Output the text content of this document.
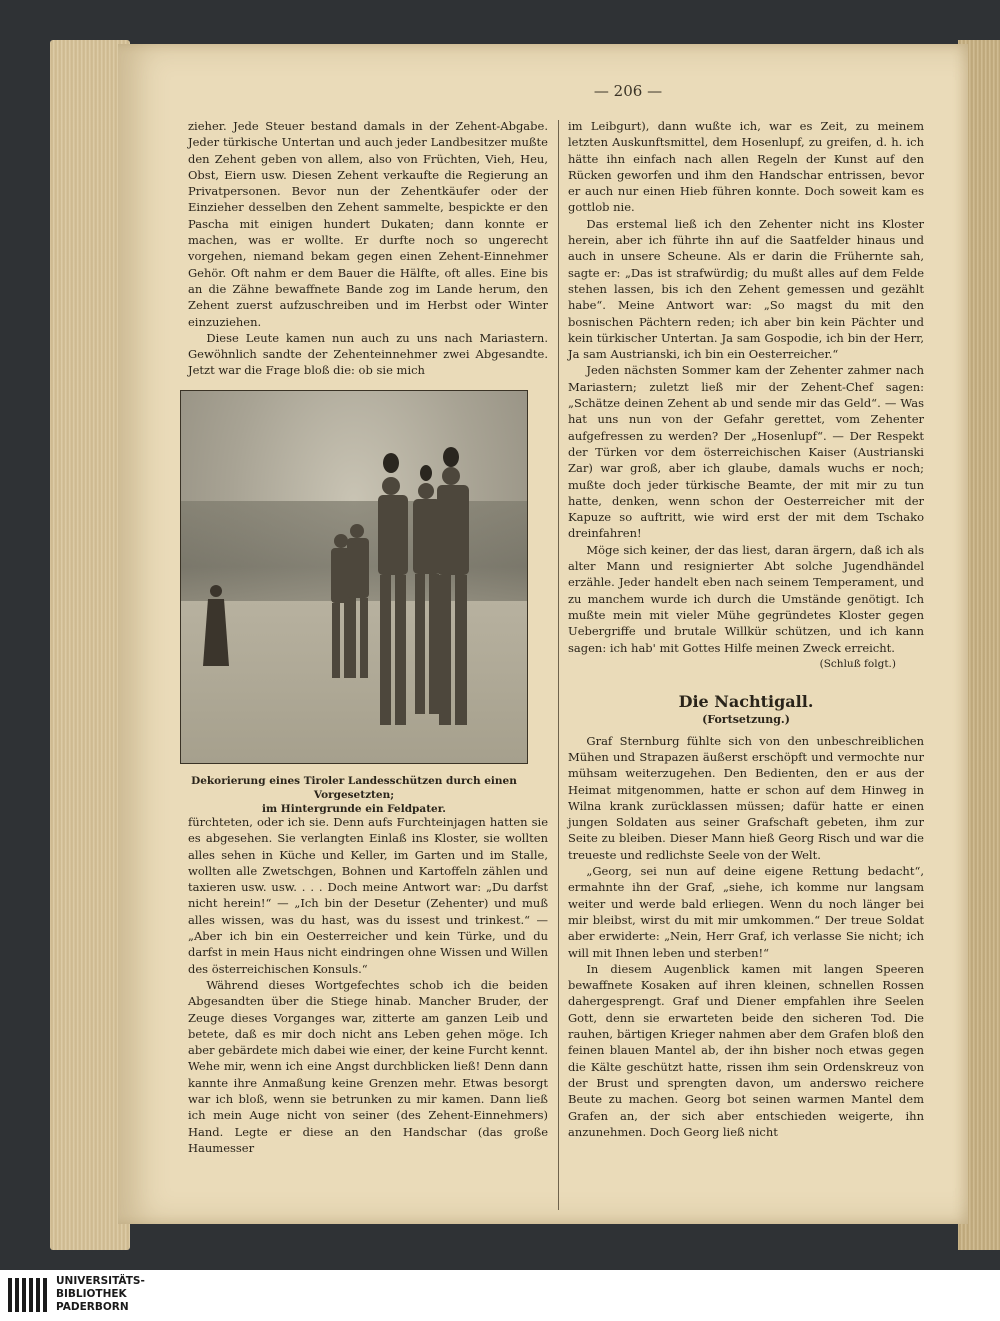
— 206 —

zieher. Jede Steuer bestand damals in der Zehent-Abgabe. Jeder türkische Untertan und auch jeder Landbesitzer mußte den Zehent geben von allem, also von Früchten, Vieh, Heu, Obst, Eiern usw. Diesen Zehent verkaufte die Regierung an Privatpersonen. Bevor nun der Zehentkäufer oder der Einzieher desselben den Zehent sammelte, bespickte er den Pascha mit einigen hundert Dukaten; dann konnte er machen, was er wollte. Er durfte noch so ungerecht vorgehen, niemand bekam gegen einen Zehent-Einnehmer Gehör. Oft nahm er dem Bauer die Hälfte, oft alles. Eine bis an die Zähne bewaffnete Bande zog im Lande herum, den Zehent zuerst aufzuschreiben und im Herbst oder Winter einzuziehen.

Diese Leute kamen nun auch zu uns nach Mariastern. Gewöhnlich sandte der Zehenteinnehmer zwei Abgesandte. Jetzt war die Frage bloß die: ob sie mich

Dekorierung eines Tiroler Landesschützen durch einen Vorgesetzten;
im Hintergrunde ein Feldpater.

fürchteten, oder ich sie. Denn aufs Furchteinjagen hatten sie es abgesehen. Sie verlangten Einlaß ins Kloster, sie wollten alles sehen in Küche und Keller, im Garten und im Stalle, wollten alle Zwetschgen, Bohnen und Kartoffeln zählen und taxieren usw. usw. . . . Doch meine Antwort war: „Du darfst nicht herein!“ — „Ich bin der Desetur (Zehenter) und muß alles wissen, was du hast, was du issest und trinkest.“ — „Aber ich bin ein Oesterreicher und kein Türke, und du darfst in mein Haus nicht eindringen ohne Wissen und Willen des österreichischen Konsuls.“

Während dieses Wortgefechtes schob ich die beiden Abgesandten über die Stiege hinab. Mancher Bruder, der Zeuge dieses Vorganges war, zitterte am ganzen Leib und betete, daß es mir doch nicht ans Leben gehen möge. Ich aber gebärdete mich dabei wie einer, der keine Furcht kennt. Wehe mir, wenn ich eine Angst durchblicken ließ! Denn dann kannte ihre Anmaßung keine Grenzen mehr. Etwas besorgt war ich bloß, wenn sie betrunken zu mir kamen. Dann ließ ich mein Auge nicht von seiner (des Zehent-Einnehmers) Hand. Legte er diese an den Handschar (das große Haumesser

im Leibgurt), dann wußte ich, war es Zeit, zu meinem letzten Auskunftsmittel, dem Hosenlupf, zu greifen, d. h. ich hätte ihn einfach nach allen Regeln der Kunst auf den Rücken geworfen und ihm den Handschar entrissen, bevor er auch nur einen Hieb führen konnte. Doch soweit kam es gottlob nie.

Das erstemal ließ ich den Zehenter nicht ins Kloster herein, aber ich führte ihn auf die Saatfelder hinaus und auch in unsere Scheune. Als er darin die Frühernte sah, sagte er: „Das ist strafwürdig; du mußt alles auf dem Felde stehen lassen, bis ich den Zehent gemessen und gezählt habe“. Meine Antwort war: „So magst du mit den bosnischen Pächtern reden; ich aber bin kein Pächter und kein türkischer Untertan. Ja sam Gospodie, ich bin der Herr, Ja sam Austrianski, ich bin ein Oesterreicher.“

Jeden nächsten Sommer kam der Zehenter zahmer nach Mariastern; zuletzt ließ mir der Zehent-Chef sagen: „Schätze deinen Zehent ab und sende mir das Geld“. — Was hat uns nun von der Gefahr gerettet, vom Zehenter aufgefressen zu werden? Der „Hosenlupf“. — Der Respekt der Türken vor dem österreichischen Kaiser (Austrianski Zar) war groß, aber ich glaube, damals wuchs er noch; mußte doch jeder türkische Beamte, der mit mir zu tun hatte, denken, wenn schon der Oesterreicher mit der Kapuze so auftritt, wie wird erst der mit dem Tschako dreinfahren!

Möge sich keiner, der das liest, daran ärgern, daß ich als alter Mann und resignierter Abt solche Jugendhändel erzähle. Jeder handelt eben nach seinem Temperament, und zu manchem wurde ich durch die Umstände genötigt. Ich mußte mein mit vieler Mühe gegründetes Kloster gegen Uebergriffe und brutale Willkür schützen, und ich kann sagen: ich hab' mit Gottes Hilfe meinen Zweck erreicht.

(Schluß folgt.)

Die Nachtigall.
(Fortsetzung.)

Graf Sternburg fühlte sich von den unbeschreiblichen Mühen und Strapazen äußerst erschöpft und vermochte nur mühsam weiterzugehen. Den Bedienten, den er aus der Heimat mitgenommen, hatte er schon auf dem Hinweg in Wilna krank zurücklassen müssen; dafür hatte er einen jungen Soldaten aus seiner Grafschaft gebeten, ihm zur Seite zu bleiben. Dieser Mann hieß Georg Risch und war die treueste und redlichste Seele von der Welt.

„Georg, sei nun auf deine eigene Rettung bedacht“, ermahnte ihn der Graf, „siehe, ich komme nur langsam weiter und werde bald erliegen. Wenn du noch länger bei mir bleibst, wirst du mit mir umkommen.“ Der treue Soldat aber erwiderte: „Nein, Herr Graf, ich verlasse Sie nicht; ich will mit Ihnen leben und sterben!“

In diesem Augenblick kamen mit langen Speeren bewaffnete Kosaken auf ihren kleinen, schnellen Rossen dahergesprengt. Graf und Diener empfahlen ihre Seelen Gott, denn sie erwarteten beide den sicheren Tod. Die rauhen, bärtigen Krieger nahmen aber dem Grafen bloß den feinen blauen Mantel ab, der ihn bisher noch etwas gegen die Kälte geschützt hatte, rissen ihm sein Ordenskreuz von der Brust und sprengten davon, um anderswo reichere Beute zu machen. Georg bot seinen warmen Mantel dem Grafen an, der sich aber entschieden weigerte, ihn anzunehmen. Doch Georg ließ nicht

UNIVERSITÄTS-
BIBLIOTHEK
PADERBORN
